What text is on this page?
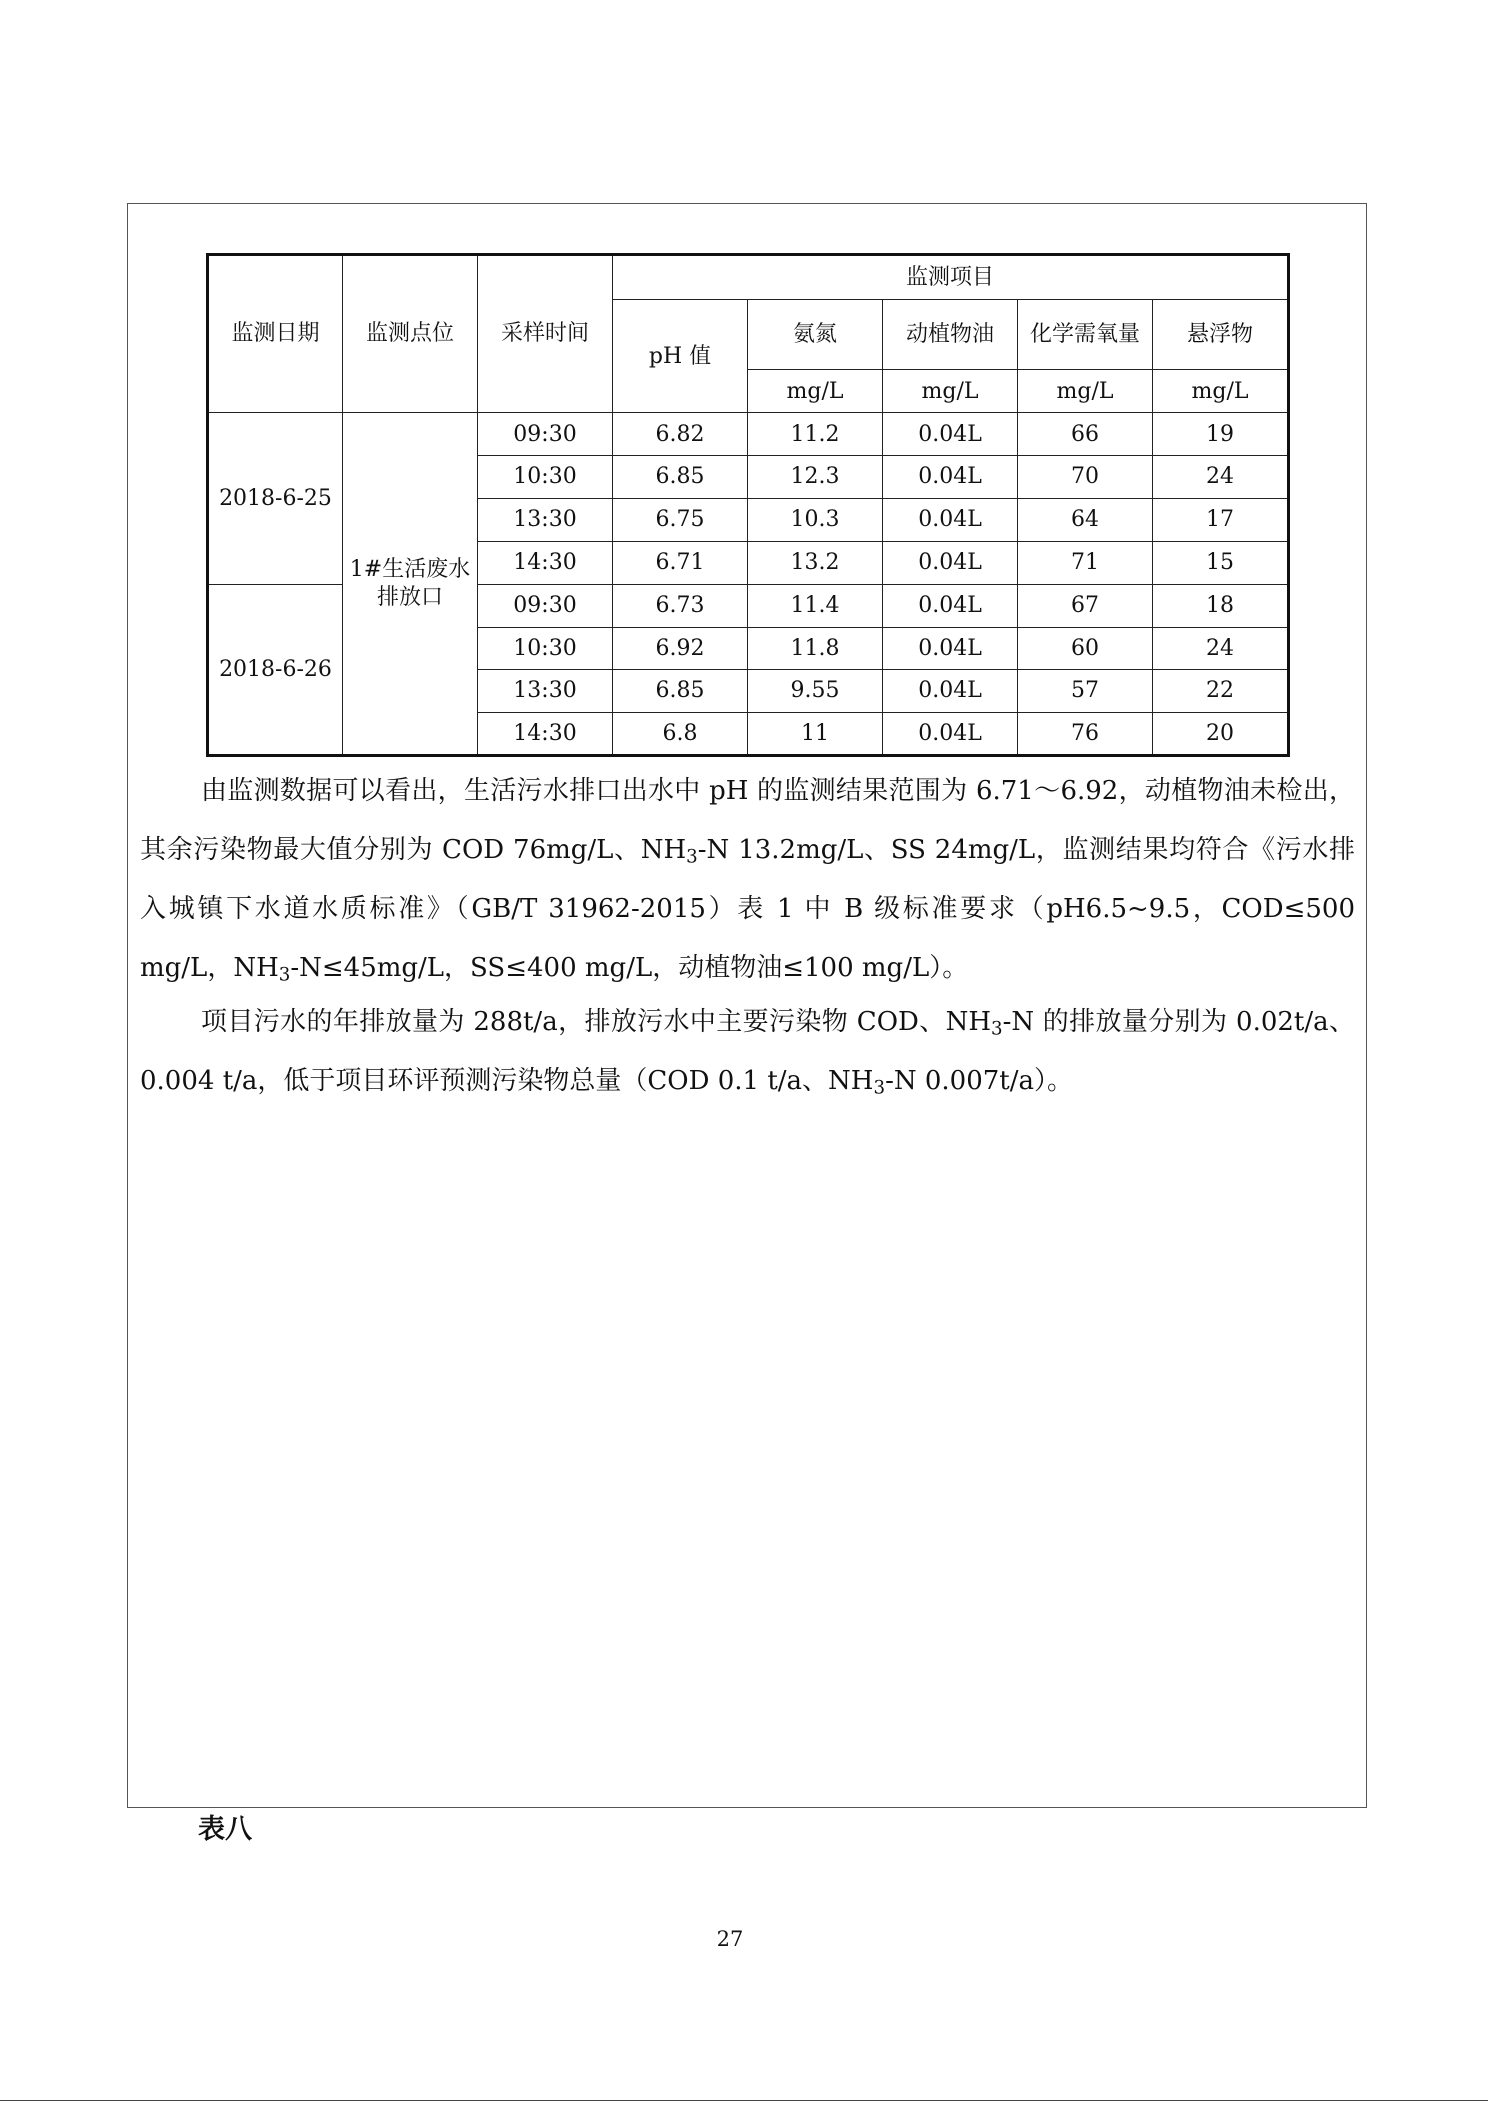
监测日期	监测点位	采样时间	监测项目				
			pH 值	氨氮	动植物油	化学需氧量	悬浮物
				mg/L	mg/L	mg/L	mg/L
2018-6-25	1#生活废水排放口	09:30	6.82	11.2	0.04L	66	19
		10:30	6.85	12.3	0.04L	70	24
		13:30	6.75	10.3	0.04L	64	17
		14:30	6.71	13.2	0.04L	71	15
2018-6-26		09:30	6.73	11.4	0.04L	67	18
		10:30	6.92	11.8	0.04L	60	24
		13:30	6.85	9.55	0.04L	57	22
		14:30	6.8	11	0.04L	76	20

由监测数据可以看出，生活污水排口出水中 pH 的监测结果范围为 6.71～6.92，动植物油未检出，其余污染物最大值分别为 COD 76mg/L、$NH_3-N$ 13.2mg/L、SS 24mg/L，监测结果均符合《污水排入城镇下水道水质标准》（GB/T 31962-2015）表 1 中 B 级标准要求（pH6.5~9.5，COD≤500 mg/L，$NH_3-N\le 45mg/L$，SS≤400 mg/L，动植物油≤100 mg/L）。

项目污水的年排放量为 288t/a，排放污水中主要污染物 COD、$NH_3-N$ 的排放量分别为 0.02t/a、0.004 t/a，低于项目环评预测污染物总量（COD 0.1 t/a、$NH_3-N$ 0.007t/a）。

表八
27
